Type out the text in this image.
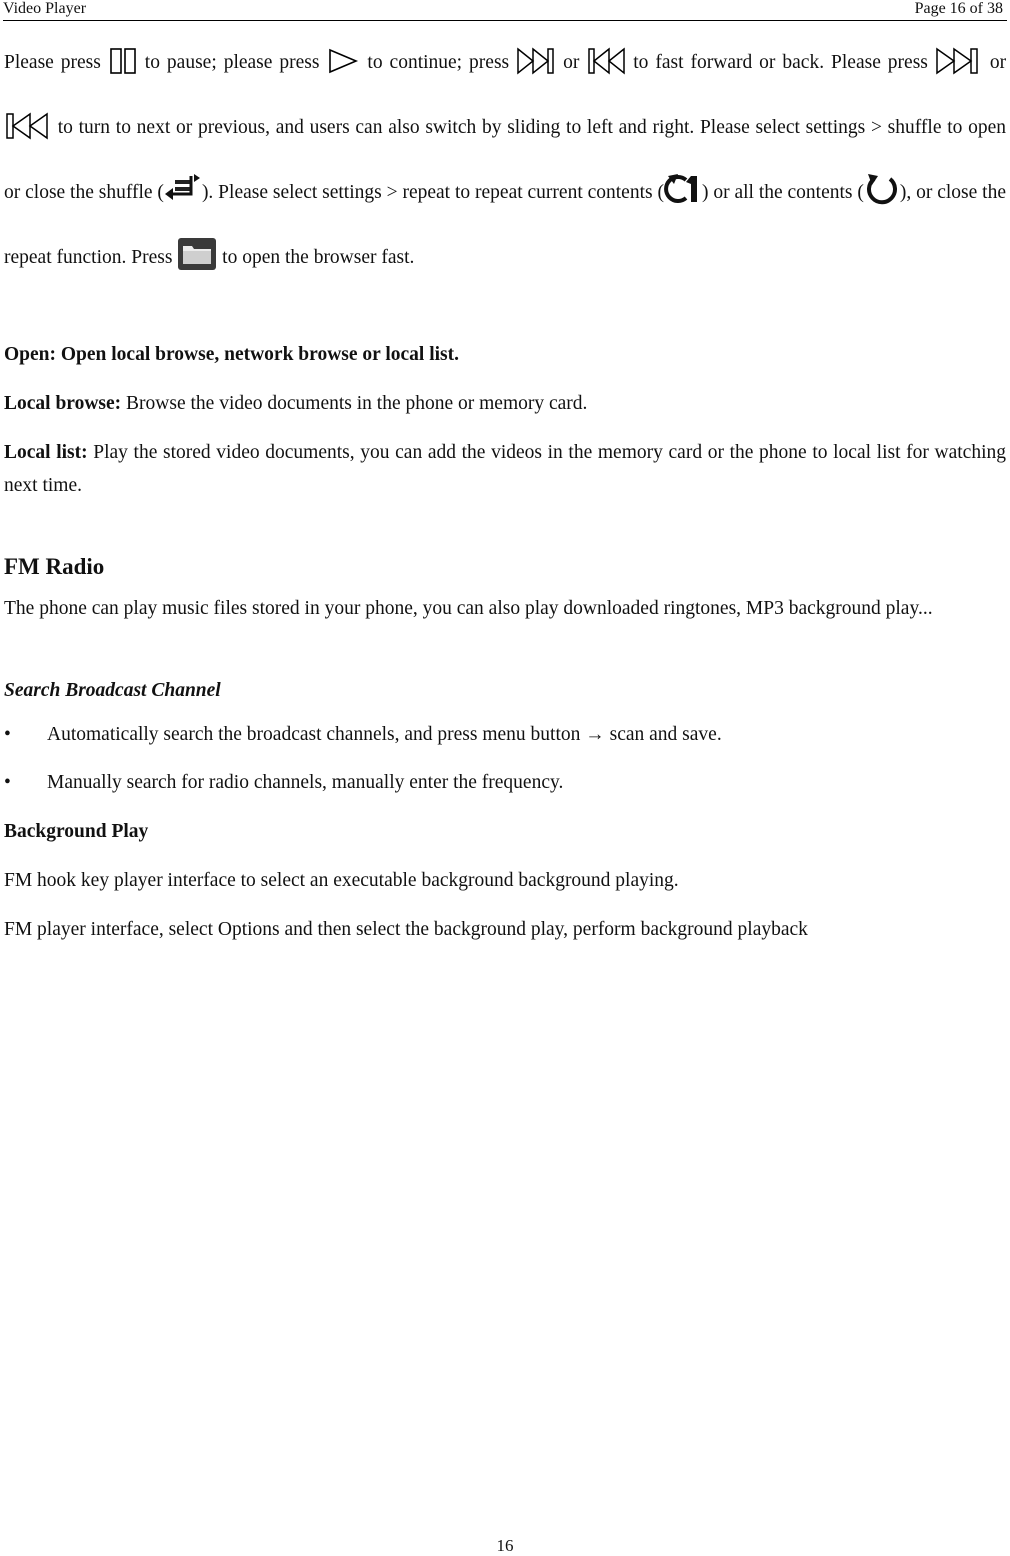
Video Player	Page 16 of 38

Please press to pause; please press to continue; press	or	to fast forward or back. Please press	or
to turn to next or previous, and users can also switch by sliding to left and right. Please select settings > shuffle to open or close the shuffle ( ). Please select settings > repeat to repeat current contents ( ) or all the contents ( ), or close the repeat function. Press	to open the browser fast.

Open: Open local browse, network browse or local list.

Local browse: Browse the video documents in the phone or memory card.

Local list: Play the stored video documents, you can add the videos in the memory card or the phone to local list for watching next time.

FM Radio

The phone can play music files stored in your phone, you can also play downloaded ringtones, MP3 background play...

Search Broadcast Channel
• Automatically search the broadcast channels, and press menu button → scan and save.
• Manually search for radio channels, manually enter the frequency.

Background Play

FM hook key player interface to select an executable background background playing.

FM player interface, select Options and then select the background play, perform background playback

16
